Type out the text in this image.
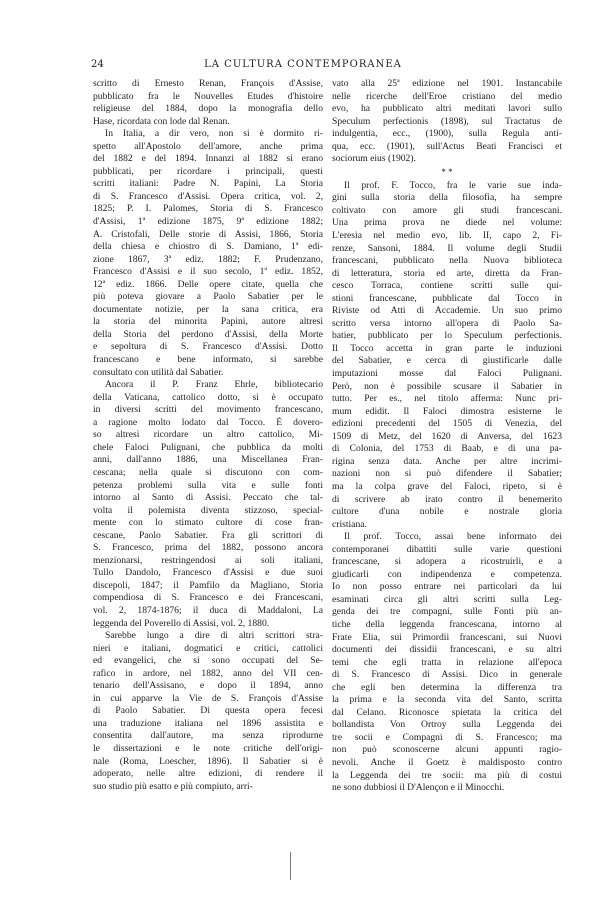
24	LA CULTURA CONTEMPORANEA
scritto di Ernesto Renan, François d'Assise,
pubblicato fra le Nouvelles Etudes d'histoire
religieuse del 1884, dopo la monografia dello
Hase, ricordata con lode dal Renan.
In Italia, a dir vero, non si è dormito ri-
spetto all'Apostolo dell'amore, anche prima
del 1882 e del 1894. Innanzi al 1882 si erano
pubblicati, per ricordare i principali, questi
scritti italiani: Padre N. Papini, La Storia
di S. Francesco d'Assisi. Opera critica, vol. 2,
1825; P. I. Palomes, Storia di S. Francesco
d'Assisi, 1ª edizione 1875, 9ª edizione 1882;
A. Cristofali, Delle storie di Assisi, 1866, Storia
della chiesa e chiostro di S. Damiano, 1ª edi-
zione 1867, 3ª ediz. 1882; F. Prudenzano,
Francesco d'Assisi e il suo secolo, 1ª ediz. 1852,
12ª ediz. 1866. Delle opere citate, quella che
più poteva giovare a Paolo Sabatier per le
documentate notizie, per la sana critica, era
la storia del minorita Papini, autore altresì
della Storia del perdono d'Assisi, della Morte
e sepoltura di S. Francesco d'Assisi. Dotto
francescano e bene informato, si sarebbe
consultato con utilità dal Sabatier.
Ancora il P. Franz Ehrle, bibliotecario
della Vaticana, cattolico dotto, si è occupato
in diversi scritti del movimento francescano,
a ragione molto lodato dal Tocco. È dovero-
so altresì ricordare un altro cattolico, Mi-
chele Faloci Pulignani, che pubblica da molti
anni, dall'anno 1886, una Miscellanea Fran-
cescana; nella quale si discutono con com-
petenza problemi sulla vita e sulle fonti
intorno al Santo di Assisi. Peccato che tal-
volta il polemista diventa stizzoso, special-
mente con lo stimato cultore di cose fran-
cescane, Paolo Sabatier. Fra gli scrittori di
S. Francesco, prima del 1882, possono ancora
menzionarsi, restringendosi ai soli italiani,
Tullo Dandolo, Francesco d'Assisi e due suoi
discepoli, 1847; il Pamfilo da Magliano, Storia
compendiosa di S. Francesco e dei Francescani,
vol. 2, 1874-1876; il duca di Maddaloni, La
leggenda del Poverello di Assisi, vol. 2, 1880.
Sarebbe lungo a dire di altri scrittori stra-
nieri e italiani, dogmatici e critici, cattolici
ed evangelici, che si sono occupati del Se-
rafico in ardore, nel 1882, anno del VII cen-
tenario dell'Assisano, e dopo il 1894, anno
in cui apparve la Vie de S. François d'Assise
di Paolo Sabatier. Di questa opera fecesi
una traduzione italiana nel 1896 assistita e
consentita dall'autore, ma senza riprodurne
le dissertazioni e le note critiche dell'origi-
nale (Roma, Loescher, 1896). Il Sabatier si è
adoperato, nelle altre edizioni, di rendere il
suo studio più esatto e più compiuto, arri-
vato alla 25ª edizione nel 1901. Instancabile
nelle ricerche dell'Eroe cristiano del medio
evo, ha pubblicato altri meditati lavori sullo
Speculum perfectionis (1898), sul Tractatus de
indulgentia, ecc., (1900), sulla Regula anti-
qua, ecc. (1901), sull'Actus Beati Francisci et
sociorum eius (1902).
* *
Il prof. F. Tocco, fra le varie sue inda-
gini sulla storia della filosofia, ha sempre
coltivato con amore gli studi francescani.
Una prima prova ne diede nel volume:
L'eresia nel medio evo, lib. II, capo 2, Fi-
renze, Sansoni, 1884. Il volume degli Studii
francescani, pubblicato nella Nuova biblioteca
di letteratura, storia ed arte, diretta da Fran-
cesco Torraca, contiene scritti sulle qui-
stioni francescane, pubblicate dal Tocco in
Riviste od Atti di Accademie. Un suo primo
scritto versa intorno all'opera di Paolo Sa-
batier, pubblicato per lo Speculum perfectionis.
Il Tocco accetta in gran parte le induzioni
del Sabatier, e cerca di giustificarle dalle
imputazioni mosse dal Faloci Pulignani.
Però, non è possibile scusare il Sabatier in
tutto. Per es., nel titolo afferma: Nunc pri-
mum edidit. Il Faloci dimostra esisterne le
edizioni precedenti del 1505 di Venezia, del
1509 di Metz, del 1620 di Anversa, del 1623
di Colonia, del 1753 di Baab, e di una pa-
rigina senza data. Anche per altre incrimi-
nazioni non si può difendere il Sabatier;
ma la colpa grave del Faloci, ripeto, si è
di scrivere ab irato contro il benemerito
cultore d'una nobile e nostrale gloria
cristiana.
Il prof. Tocco, assai bene informato dei
contemporanei dibattiti sulle varie questioni
francescane, si adopera a ricostruirli, e a
giudicarli con indipendenza e competenza.
Io non posso entrare nei particolari da lui
esaminati circa gli altri scritti sulla Leg-
genda dei tre compagni, sulle Fonti più an-
tiche della leggenda francescana, intorno al
Frate Elia, sui Primordii francescani, sui Nuovi
documenti dei dissidii francescani, e su altri
temi che egli tratta in relazione all'epoca
di S. Francesco di Assisi. Dico in generale
che egli ben determina la differenza tra
la prima e la seconda vita del Santo, scritta
dal Celano. Riconosce spietata la critica del
bollandista Von Ortroy sulla Leggenda dei
tre socii e Compagni di S. Francesco; ma
non può sconoscerne alcuni appunti ragio-
nevoli. Anche il Goetz è maldisposto contro
la Leggenda dei tre socii: ma più di costui
ne sono dubbiosi il D'Alençon e il Minocchi.
